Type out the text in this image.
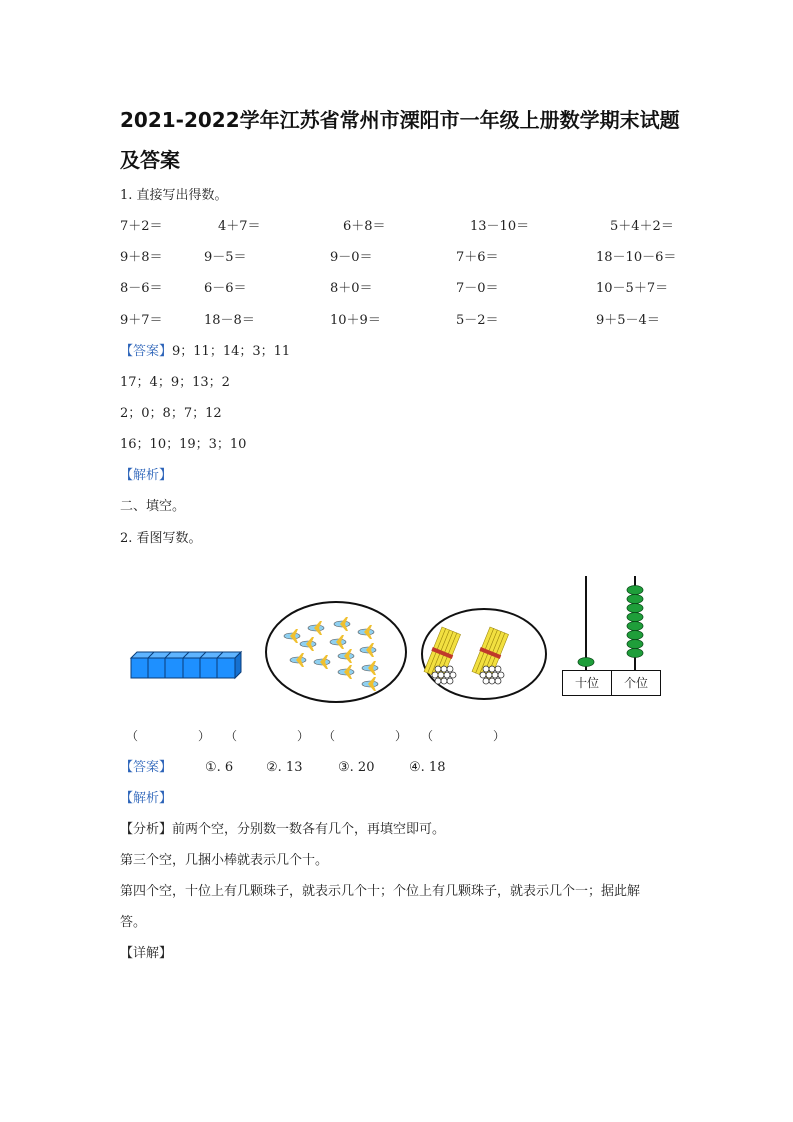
2021-2022学年江苏省常州市溧阳市一年级上册数学期末试题及答案
1. 直接写出得数。
7＋2＝	4＋7＝	6＋8＝	13－10＝	5＋4＋2＝
9＋8＝	9－5＝	9－0＝	7＋6＝	18－10－6＝
8－6＝	6－6＝	8＋0＝	7－0＝	10－5＋7＝
9＋7＝	18－8＝	10＋9＝	5－2＝	9＋5－4＝
【答案】9；11；14；3；11
17；4；9；13；2
2；0；8；7；12
16；10；19；3；10
【解析】
二、填空。
2. 看图写数。
十位	个位
（　　　　　） （　　　　　） （　　　　　） （　　　　　）
【答案】	①. 6	②. 13	③. 20	④. 18
【解析】
【分析】前两个空，分别数一数各有几个，再填空即可。
第三个空，几捆小棒就表示几个十。
第四个空，十位上有几颗珠子，就表示几个十；个位上有几颗珠子，就表示几个一；据此解
答。
【详解】
